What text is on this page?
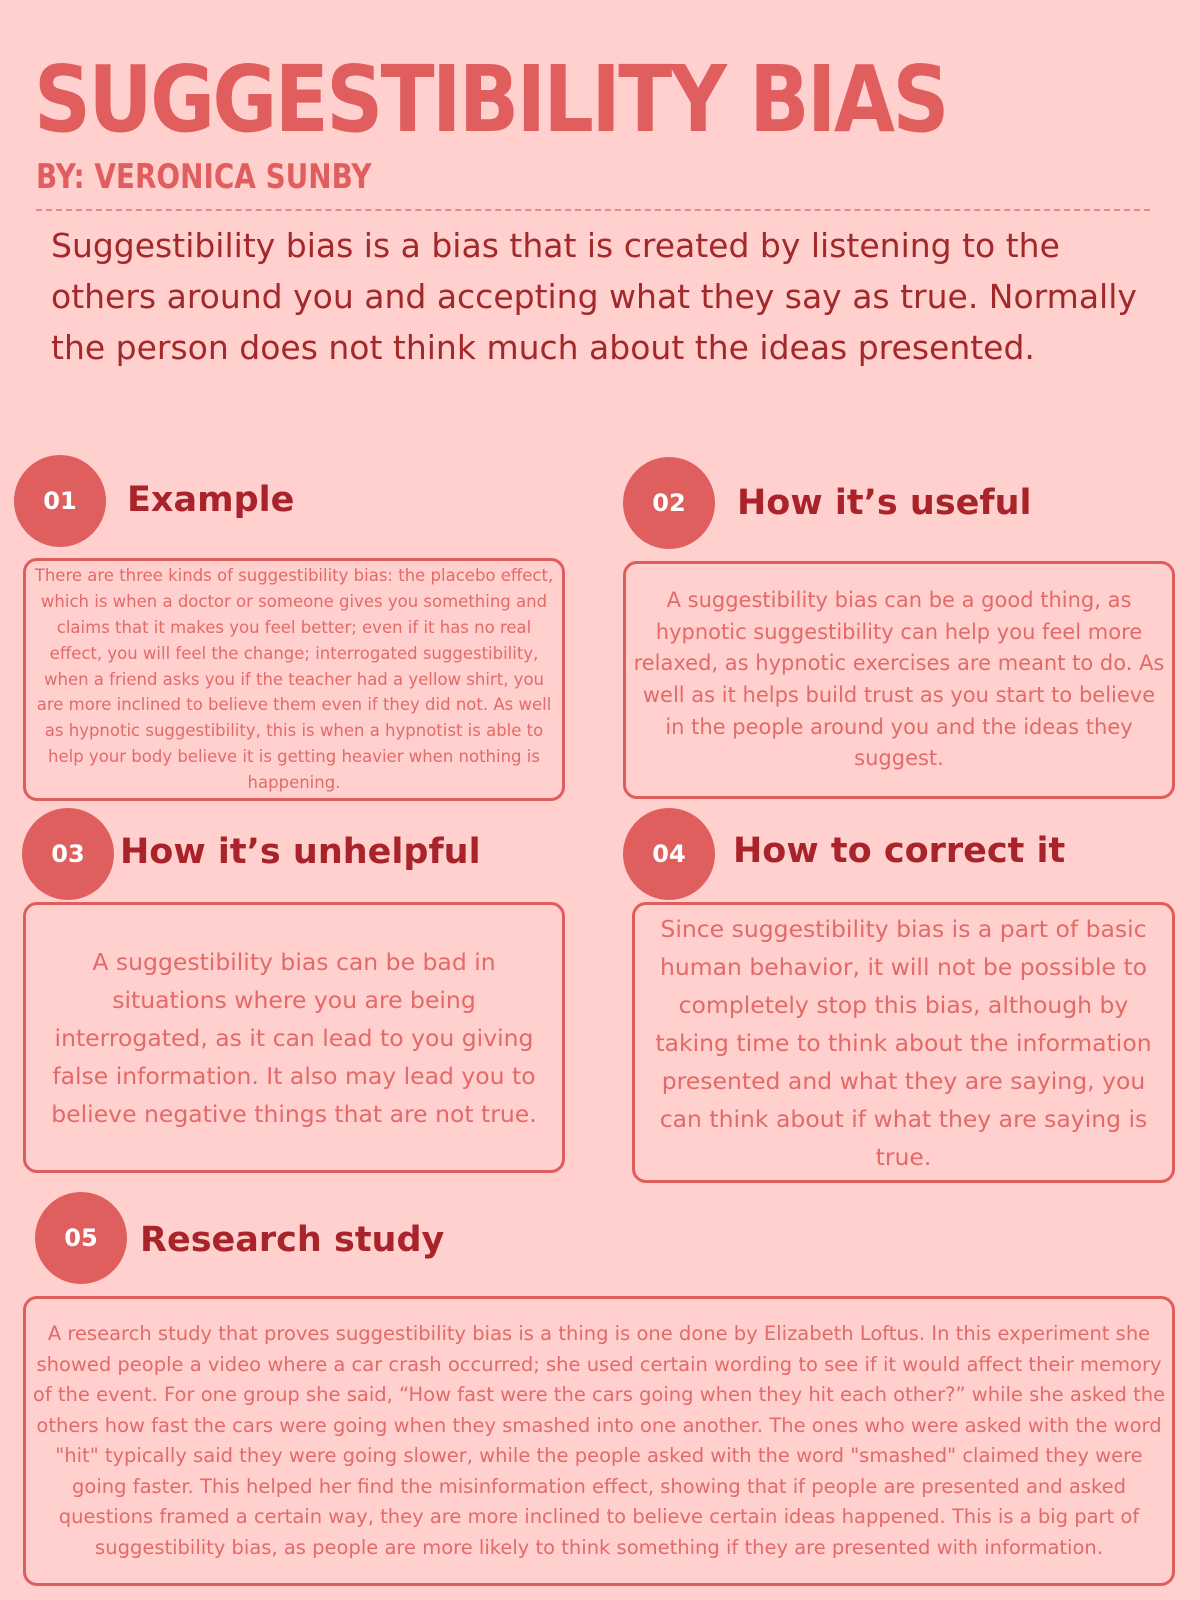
SUGGESTIBILITY BIAS
BY: VERONICA SUNBY

Suggestibility bias is a bias that is created by listening to the others around you and accepting what they say as true. Normally the person does not think much about the ideas presented.

01	Example

There are three kinds of suggestibility bias: the placebo effect, which is when a doctor or someone gives you something and claims that it makes you feel better; even if it has no real effect, you will feel the change; interrogated suggestibility, when a friend asks you if the teacher had a yellow shirt, you are more inclined to believe them even if they did not. As well as hypnotic suggestibility, this is when a hypnotist is able to help your body believe it is getting heavier when nothing is happening.

02	How it’s useful

A suggestibility bias can be a good thing, as hypnotic suggestibility can help you feel more relaxed, as hypnotic exercises are meant to do. As well as it helps build trust as you start to believe in the people around you and the ideas they suggest.

03	How it’s unhelpful

A suggestibility bias can be bad in situations where you are being interrogated, as it can lead to you giving false information. It also may lead you to believe negative things that are not true.

04	How to correct it

Since suggestibility bias is a part of basic human behavior, it will not be possible to completely stop this bias, although by taking time to think about the information presented and what they are saying, you can think about if what they are saying is true.

05	Research study

A research study that proves suggestibility bias is a thing is one done by Elizabeth Loftus. In this experiment she showed people a video where a car crash occurred; she used certain wording to see if it would affect their memory of the event. For one group she said, “How fast were the cars going when they hit each other?” while she asked the others how fast the cars were going when they smashed into one another. The ones who were asked with the word "hit" typically said they were going slower, while the people asked with the word "smashed" claimed they were going faster. This helped her find the misinformation effect, showing that if people are presented and asked questions framed a certain way, they are more inclined to believe certain ideas happened. This is a big part of suggestibility bias, as people are more likely to think something if they are presented with information.
